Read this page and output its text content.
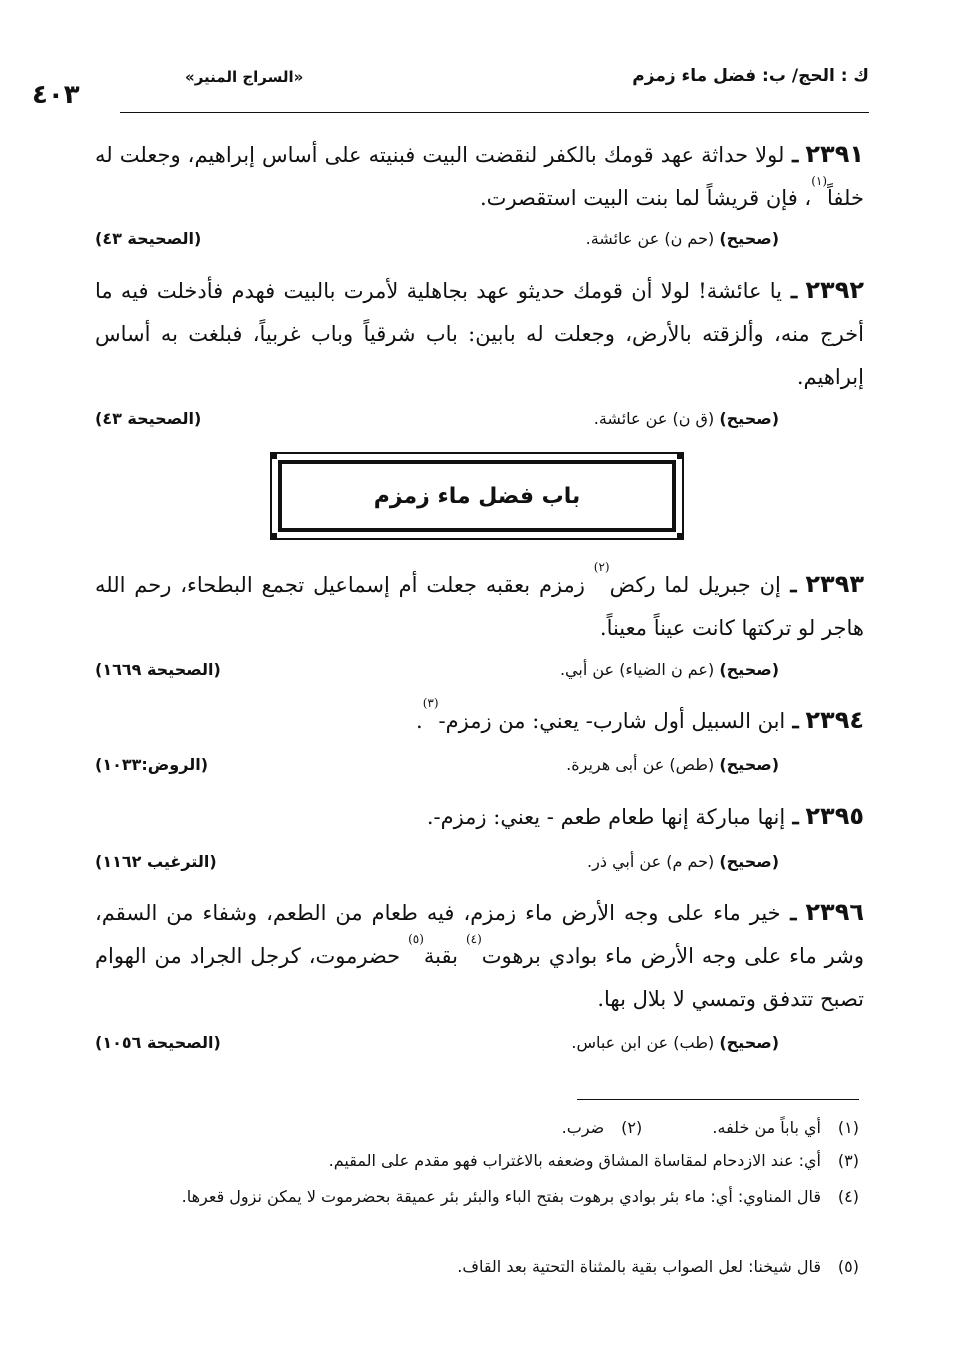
ك : الحج/ ب: فضل ماء زمزم
«السراج المنير»
٤٠٣
٢٣٩١ ـ لولا حداثة عهد قومك بالكفر لنقضت البيت فبنيته على أساس إبراهيم، وجعلت له خلفاً$^{(١)}$، فإن قريشاً لما بنت البيت استقصرت.
(صحيح) (حم ن) عن عائشة.
(الصحيحة ٤٣)
٢٣٩٢ ـ يا عائشة! لولا أن قومك حديثو عهد بجاهلية لأمرت بالبيت فهدم فأدخلت فيه ما أخرج منه، وألزقته بالأرض، وجعلت له بابين: باب شرقياً وباب غربياً، فبلغت به أساس إبراهيم.
(صحيح) (ق ن) عن عائشة.
(الصحيحة ٤٣)
باب فضل ماء زمزم
٢٣٩٣ ـ إن جبريل لما ركض$^{(٢)}$ زمزم بعقبه جعلت أم إسماعيل تجمع البطحاء، رحم الله هاجر لو تركتها كانت عيناً معيناً.
(صحيح) (عم ن الضياء) عن أبي.
(الصحيحة ١٦٦٩)
٢٣٩٤ ـ ابن السبيل أول شارب- يعني: من زمزم-$^{(٣)}$.
(صحيح) (طص) عن أبى هريرة.
(الروض:١٠٣٣)
٢٣٩٥ ـ إنها مباركة إنها طعام طعم - يعني: زمزم-.
(صحيح) (حم م) عن أبي ذر.
(الترغيب ١١٦٢)
٢٣٩٦ ـ خير ماء على وجه الأرض ماء زمزم، فيه طعام من الطعم، وشفاء من السقم، وشر ماء على وجه الأرض ماء بوادي برهوت$^{(٤)}$ بقبة$^{(٥)}$ حضرموت، كرجل الجراد من الهوام تصبح تتدفق وتمسي لا بلال بها.
(صحيح) (طب) عن ابن عباس.
(الصحيحة ١٠٥٦)
(١)أي باباً من خلفه.  (٢)ضرب.
(٣)أي: عند الازدحام لمقاساة المشاق وضعفه بالاغتراب فهو مقدم على المقيم.
(٤)
قال المناوي: أي: ماء بئر بوادي برهوت بفتح الباء والبئر بئر عميقة بحضرموت لا يمكن نزول قعرها.
(٥)قال شيخنا: لعل الصواب بقية بالمثناة التحتية بعد القاف.
